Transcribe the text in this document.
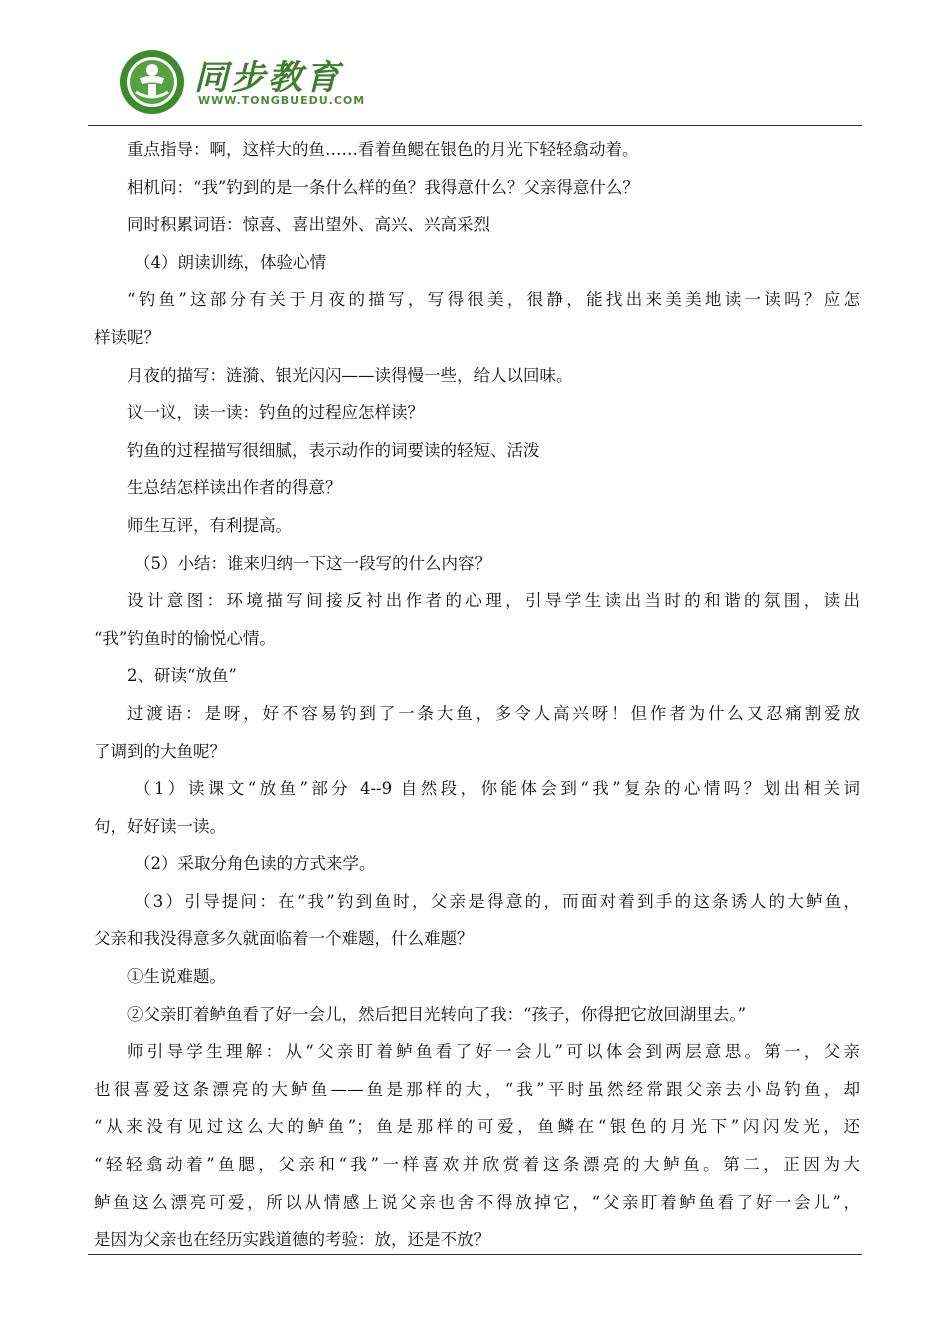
同步教育
WWW.TONGBUEDU.COM
重点指导：啊，这样大的鱼……看着鱼鳃在银色的月光下轻轻翕动着。
相机问：“我”钓到的是一条什么样的鱼？我得意什么？父亲得意什么？
同时积累词语：惊喜、喜出望外、高兴、兴高采烈
（4）朗读训练，体验心情
“钓鱼”这部分有关于月夜的描写，写得很美，很静，能找出来美美地读一读吗？应怎
样读呢？
月夜的描写：涟漪、银光闪闪——读得慢一些，给人以回味。
议一议，读一读：钓鱼的过程应怎样读？
钓鱼的过程描写很细腻，表示动作的词要读的轻短、活泼
生总结怎样读出作者的得意？
师生互评，有利提高。
（5）小结：谁来归纳一下这一段写的什么内容？
设计意图：环境描写间接反衬出作者的心理，引导学生读出当时的和谐的氛围，读出
“我”钓鱼时的愉悦心情。
2、研读“放鱼”
过渡语：是呀，好不容易钓到了一条大鱼，多令人高兴呀！但作者为什么又忍痛割爱放
了调到的大鱼呢？
（1）读课文“放鱼”部分 4--9 自然段，你能体会到“我”复杂的心情吗？划出相关词
句，好好读一读。
（2）采取分角色读的方式来学。
（3）引导提问：在“我”钓到鱼时，父亲是得意的，而面对着到手的这条诱人的大鲈鱼，
父亲和我没得意多久就面临着一个难题，什么难题？
①生说难题。
②父亲盯着鲈鱼看了好一会儿，然后把目光转向了我：“孩子，你得把它放回湖里去。”
师引导学生理解：从“父亲盯着鲈鱼看了好一会儿”可以体会到两层意思。第一，父亲
也很喜爱这条漂亮的大鲈鱼——鱼是那样的大，“我”平时虽然经常跟父亲去小岛钓鱼，却
“从来没有见过这么大的鲈鱼”；鱼是那样的可爱，鱼鳞在“银色的月光下”闪闪发光，还
“轻轻翕动着”鱼腮，父亲和“我”一样喜欢并欣赏着这条漂亮的大鲈鱼。第二，正因为大
鲈鱼这么漂亮可爱，所以从情感上说父亲也舍不得放掉它，“父亲盯着鲈鱼看了好一会儿”，
是因为父亲也在经历实践道德的考验：放，还是不放？
